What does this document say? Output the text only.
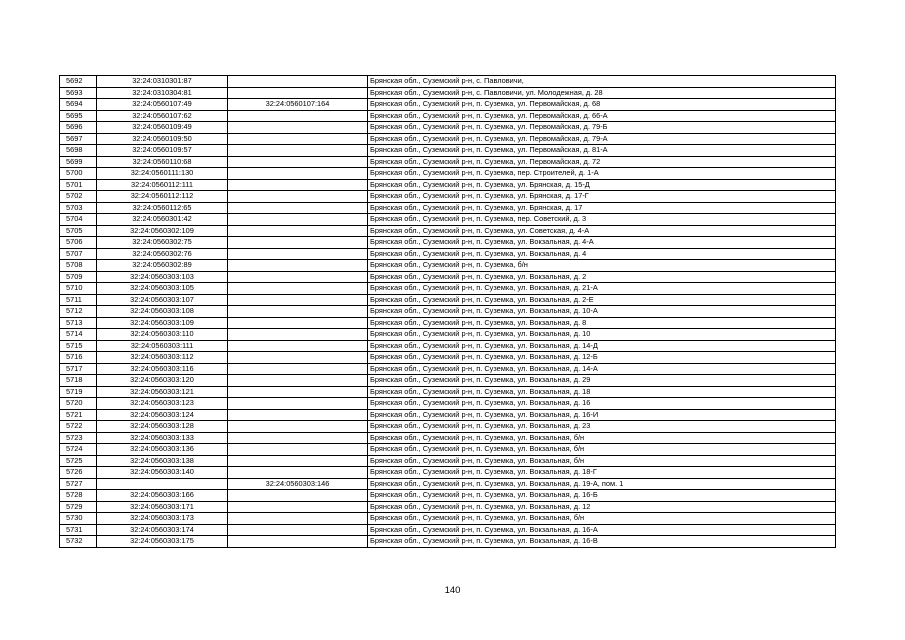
5692	32:24:0310301:87		Брянская обл., Суземский р-н, с. Павловичи,
5693	32:24:0310304:81		Брянская обл., Суземский р-н, с. Павловичи, ул. Молодежная, д. 28
5694	32:24:0560107:49	32:24:0560107:164	Брянская обл., Суземский р-н, п. Суземка, ул. Первомайская, д. 68
5695	32:24:0560107:62		Брянская обл., Суземский р-н, п. Суземка, ул. Первомайская, д. 66-А
5696	32:24:0560109:49		Брянская обл., Суземский р-н, п. Суземка, ул. Первомайская, д. 79-Б
5697	32:24:0560109:50		Брянская обл., Суземский р-н, п. Суземка, ул. Первомайская, д. 79-А
5698	32:24:0560109:57		Брянская обл., Суземский р-н, п. Суземка, ул. Первомайская, д. 81-А
5699	32:24:0560110:68		Брянская обл., Суземский р-н, п. Суземка, ул. Первомайская, д. 72
5700	32:24:0560111:130		Брянская обл., Суземский р-н, п. Суземка, пер. Строителей, д. 1-А
5701	32:24:0560112:111		Брянская обл., Суземский р-н, п. Суземка, ул. Брянская, д. 15-Д
5702	32:24:0560112:112		Брянская обл., Суземский р-н, п. Суземка, ул. Брянская, д. 17-Г
5703	32:24:0560112:65		Брянская обл., Суземский р-н, п. Суземка, ул. Брянская, д. 17
5704	32:24:0560301:42		Брянская обл., Суземский р-н, п. Суземка, пер. Советский, д. 3
5705	32:24:0560302:109		Брянская обл., Суземский р-н, п. Суземка, ул. Советская, д. 4-А
5706	32:24:0560302:75		Брянская обл., Суземский р-н, п. Суземка, ул. Вокзальная, д. 4-А
5707	32:24:0560302:76		Брянская обл., Суземский р-н, п. Суземка, ул. Вокзальная, д. 4
5708	32:24:0560302:89		Брянская обл., Суземский р-н, п. Суземка, б/н
5709	32:24:0560303:103		Брянская обл., Суземский р-н, п. Суземка, ул. Вокзальная, д. 2
5710	32:24:0560303:105		Брянская обл., Суземский р-н, п. Суземка, ул. Вокзальная, д. 21-А
5711	32:24:0560303:107		Брянская обл., Суземский р-н, п. Суземка, ул. Вокзальная, д. 2-Е
5712	32:24:0560303:108		Брянская обл., Суземский р-н, п. Суземка, ул. Вокзальная, д. 10-А
5713	32:24:0560303:109		Брянская обл., Суземский р-н, п. Суземка, ул. Вокзальная, д. 8
5714	32:24:0560303:110		Брянская обл., Суземский р-н, п. Суземка, ул. Вокзальная, д. 10
5715	32:24:0560303:111		Брянская обл., Суземский р-н, п. Суземка, ул. Вокзальная, д. 14-Д
5716	32:24:0560303:112		Брянская обл., Суземский р-н, п. Суземка, ул. Вокзальная, д. 12-Б
5717	32:24:0560303:116		Брянская обл., Суземский р-н, п. Суземка, ул. Вокзальная, д. 14-А
5718	32:24:0560303:120		Брянская обл., Суземский р-н, п. Суземка, ул. Вокзальная, д. 29
5719	32:24:0560303:121		Брянская обл., Суземский р-н, п. Суземка, ул. Вокзальная, д. 18
5720	32:24:0560303:123		Брянская обл., Суземский р-н, п. Суземка, ул. Вокзальная, д. 16
5721	32:24:0560303:124		Брянская обл., Суземский р-н, п. Суземка, ул. Вокзальная, д. 16-И
5722	32:24:0560303:128		Брянская обл., Суземский р-н, п. Суземка, ул. Вокзальная, д. 23
5723	32:24:0560303:133		Брянская обл., Суземский р-н, п. Суземка, ул. Вокзальная, б/н
5724	32:24:0560303:136		Брянская обл., Суземский р-н, п. Суземка, ул. Вокзальная, б/н
5725	32:24:0560303:138		Брянская обл., Суземский р-н, п. Суземка, ул. Вокзальная, б/н
5726	32:24:0560303:140		Брянская обл., Суземский р-н, п. Суземка, ул. Вокзальная, д. 18-Г
5727		32:24:0560303:146	Брянская обл., Суземский р-н, п. Суземка, ул. Вокзальная, д. 19-А, пом. 1
5728	32:24:0560303:166		Брянская обл., Суземский р-н, п. Суземка, ул. Вокзальная, д. 16-Б
5729	32:24:0560303:171		Брянская обл., Суземский р-н, п. Суземка, ул. Вокзальная, д. 12
5730	32:24:0560303:173		Брянская обл., Суземский р-н, п. Суземка, ул. Вокзальная, б/н
5731	32:24:0560303:174		Брянская обл., Суземский р-н, п. Суземка, ул. Вокзальная, д. 16-А
5732	32:24:0560303:175		Брянская обл., Суземский р-н, п. Суземка, ул. Вокзальная, д. 16-В
140
